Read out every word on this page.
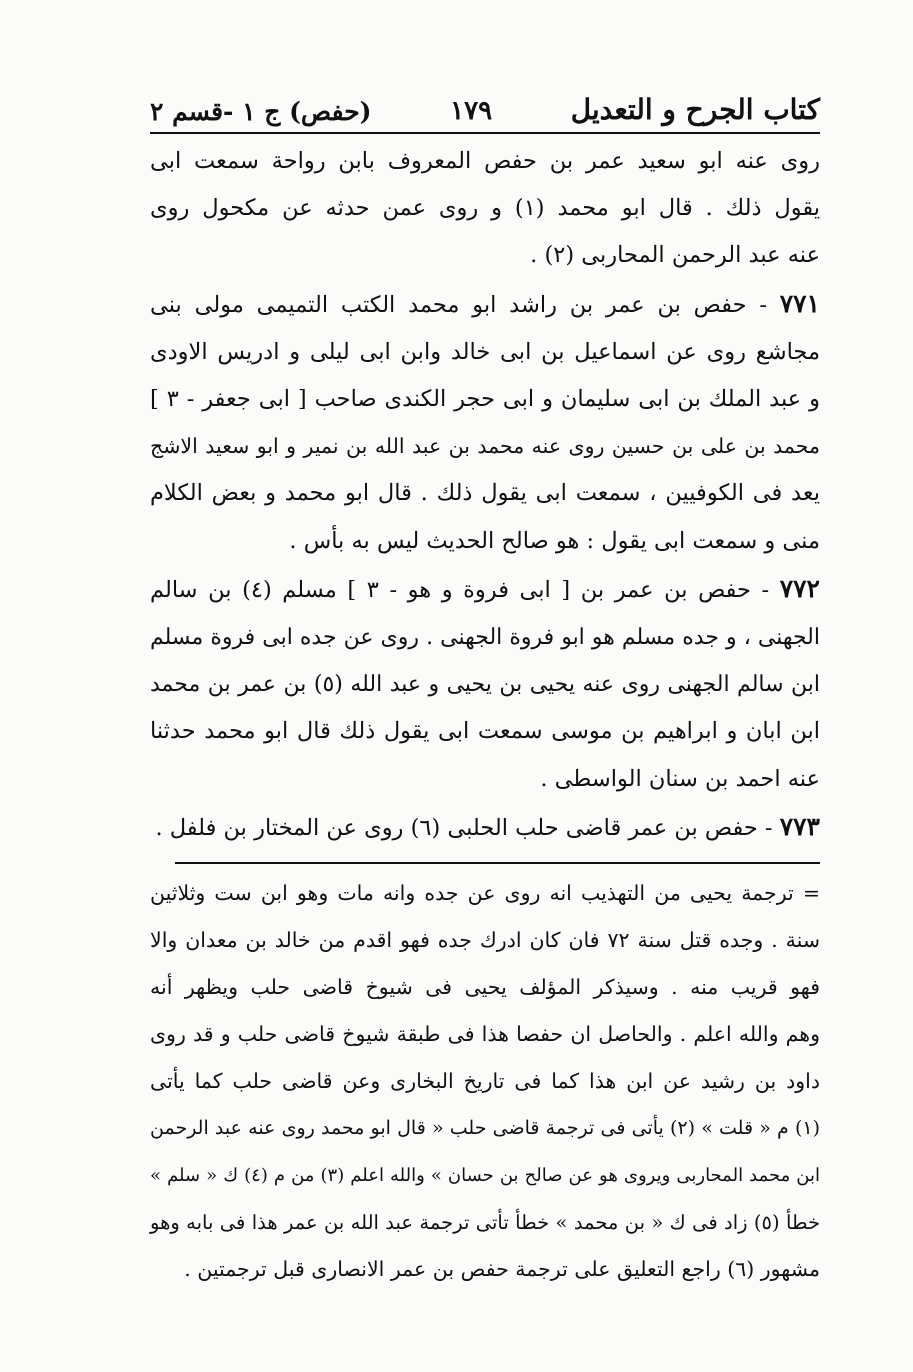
كتاب الجرح و التعديل
١٧٩
(حفص) ج ١ -قسم ٢
روى عنه ابو سعيد عمر بن حفص المعروف بابن رواحة سمعت ابى
يقول ذلك . قال ابو محمد (١) و روى عمن حدثه عن مكحول روى
عنه عبد الرحمن المحاربى (٢) .
٧٧١ - حفص بن عمر بن راشد ابو محمد الكتب التميمى مولى بنى
مجاشع روى عن اسماعيل بن ابى خالد وابن ابى ليلى و ادريس الاودى
و عبد الملك بن ابى سليمان و ابى حجر الكندى صاحب [ ابى جعفر - ٣ ]
محمد بن على بن حسين روى عنه محمد بن عبد الله بن نمير و ابو سعيد الاشج
يعد فى الكوفيين ، سمعت ابى يقول ذلك . قال ابو محمد و بعض الكلام
منى و سمعت ابى يقول : هو صالح الحديث ليس به بأس .
٧٧٢ - حفص بن عمر بن [ ابى فروة و هو - ٣ ] مسلم (٤) بن سالم
الجهنى ، و جده مسلم هو ابو فروة الجهنى . روى عن جده ابى فروة مسلم
ابن سالم الجهنى روى عنه يحيى بن يحيى و عبد الله (٥) بن عمر بن محمد
ابن ابان و ابراهيم بن موسى سمعت ابى يقول ذلك قال ابو محمد حدثنا
عنه احمد بن سنان الواسطى .
٧٧٣ - حفص بن عمر قاضى حلب الحلبى (٦) روى عن المختار بن فلفل .
= ترجمة يحيى من التهذيب انه روى عن جده وانه مات وهو ابن ست وثلاثين
سنة . وجده قتل سنة ٧٢ فان كان ادرك جده فهو اقدم من خالد بن معدان والا
فهو قريب منه . وسيذكر المؤلف يحيى فى شيوخ قاضى حلب ويظهر أنه
وهم والله اعلم . والحاصل ان حفصا هذا فى طبقة شيوخ قاضى حلب و قد روى
داود بن رشيد عن ابن هذا كما فى تاريخ البخارى وعن قاضى حلب كما يأتى
(١) م « قلت » (٢) يأتى فى ترجمة قاضى حلب « قال ابو محمد روى عنه عبد الرحمن
ابن محمد المحاربى ويروى هو عن صالح بن حسان » والله اعلم (٣) من م (٤) ك « سلم »
خطأ (٥) زاد فى ك « بن محمد » خطأ تأتى ترجمة عبد الله بن عمر هذا فى بابه وهو
مشهور (٦) راجع التعليق على ترجمة حفص بن عمر الانصارى قبل ترجمتين .
